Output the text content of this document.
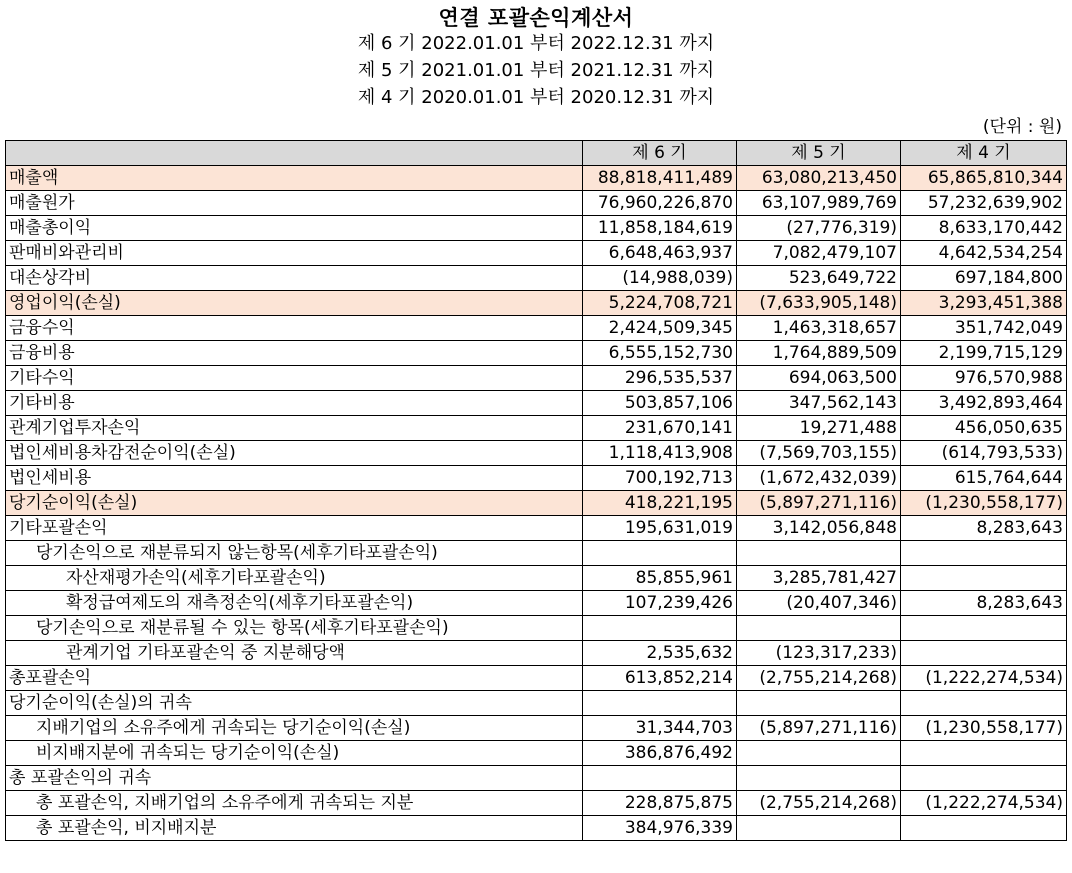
연결 포괄손익계산서
제 6 기 2022.01.01 부터 2022.12.31 까지
제 5 기 2021.01.01 부터 2021.12.31 까지
제 4 기 2020.01.01 부터 2020.12.31 까지
(단위 : 원)
	제 6 기	제 5 기	제 4 기
매출액	88,818,411,489	63,080,213,450	65,865,810,344
매출원가	76,960,226,870	63,107,989,769	57,232,639,902
매출총이익	11,858,184,619	(27,776,319)	8,633,170,442
판매비와관리비	6,648,463,937	7,082,479,107	4,642,534,254
대손상각비	(14,988,039)	523,649,722	697,184,800
영업이익(손실)	5,224,708,721	(7,633,905,148)	3,293,451,388
금융수익	2,424,509,345	1,463,318,657	351,742,049
금융비용	6,555,152,730	1,764,889,509	2,199,715,129
기타수익	296,535,537	694,063,500	976,570,988
기타비용	503,857,106	347,562,143	3,492,893,464
관계기업투자손익	231,670,141	19,271,488	456,050,635
법인세비용차감전순이익(손실)	1,118,413,908	(7,569,703,155)	(614,793,533)
법인세비용	700,192,713	(1,672,432,039)	615,764,644
당기순이익(손실)	418,221,195	(5,897,271,116)	(1,230,558,177)
기타포괄손익	195,631,019	3,142,056,848	8,283,643
당기손익으로 재분류되지 않는항목(세후기타포괄손익)			
자산재평가손익(세후기타포괄손익)	85,855,961	3,285,781,427	
확정급여제도의 재측정손익(세후기타포괄손익)	107,239,426	(20,407,346)	8,283,643
당기손익으로 재분류될 수 있는 항목(세후기타포괄손익)			
관계기업 기타포괄손익 중 지분해당액	2,535,632	(123,317,233)	
총포괄손익	613,852,214	(2,755,214,268)	(1,222,274,534)
당기순이익(손실)의 귀속			
지배기업의 소유주에게 귀속되는 당기순이익(손실)	31,344,703	(5,897,271,116)	(1,230,558,177)
비지배지분에 귀속되는 당기순이익(손실)	386,876,492		
총 포괄손익의 귀속			
총 포괄손익, 지배기업의 소유주에게 귀속되는 지분	228,875,875	(2,755,214,268)	(1,222,274,534)
총 포괄손익, 비지배지분	384,976,339		
